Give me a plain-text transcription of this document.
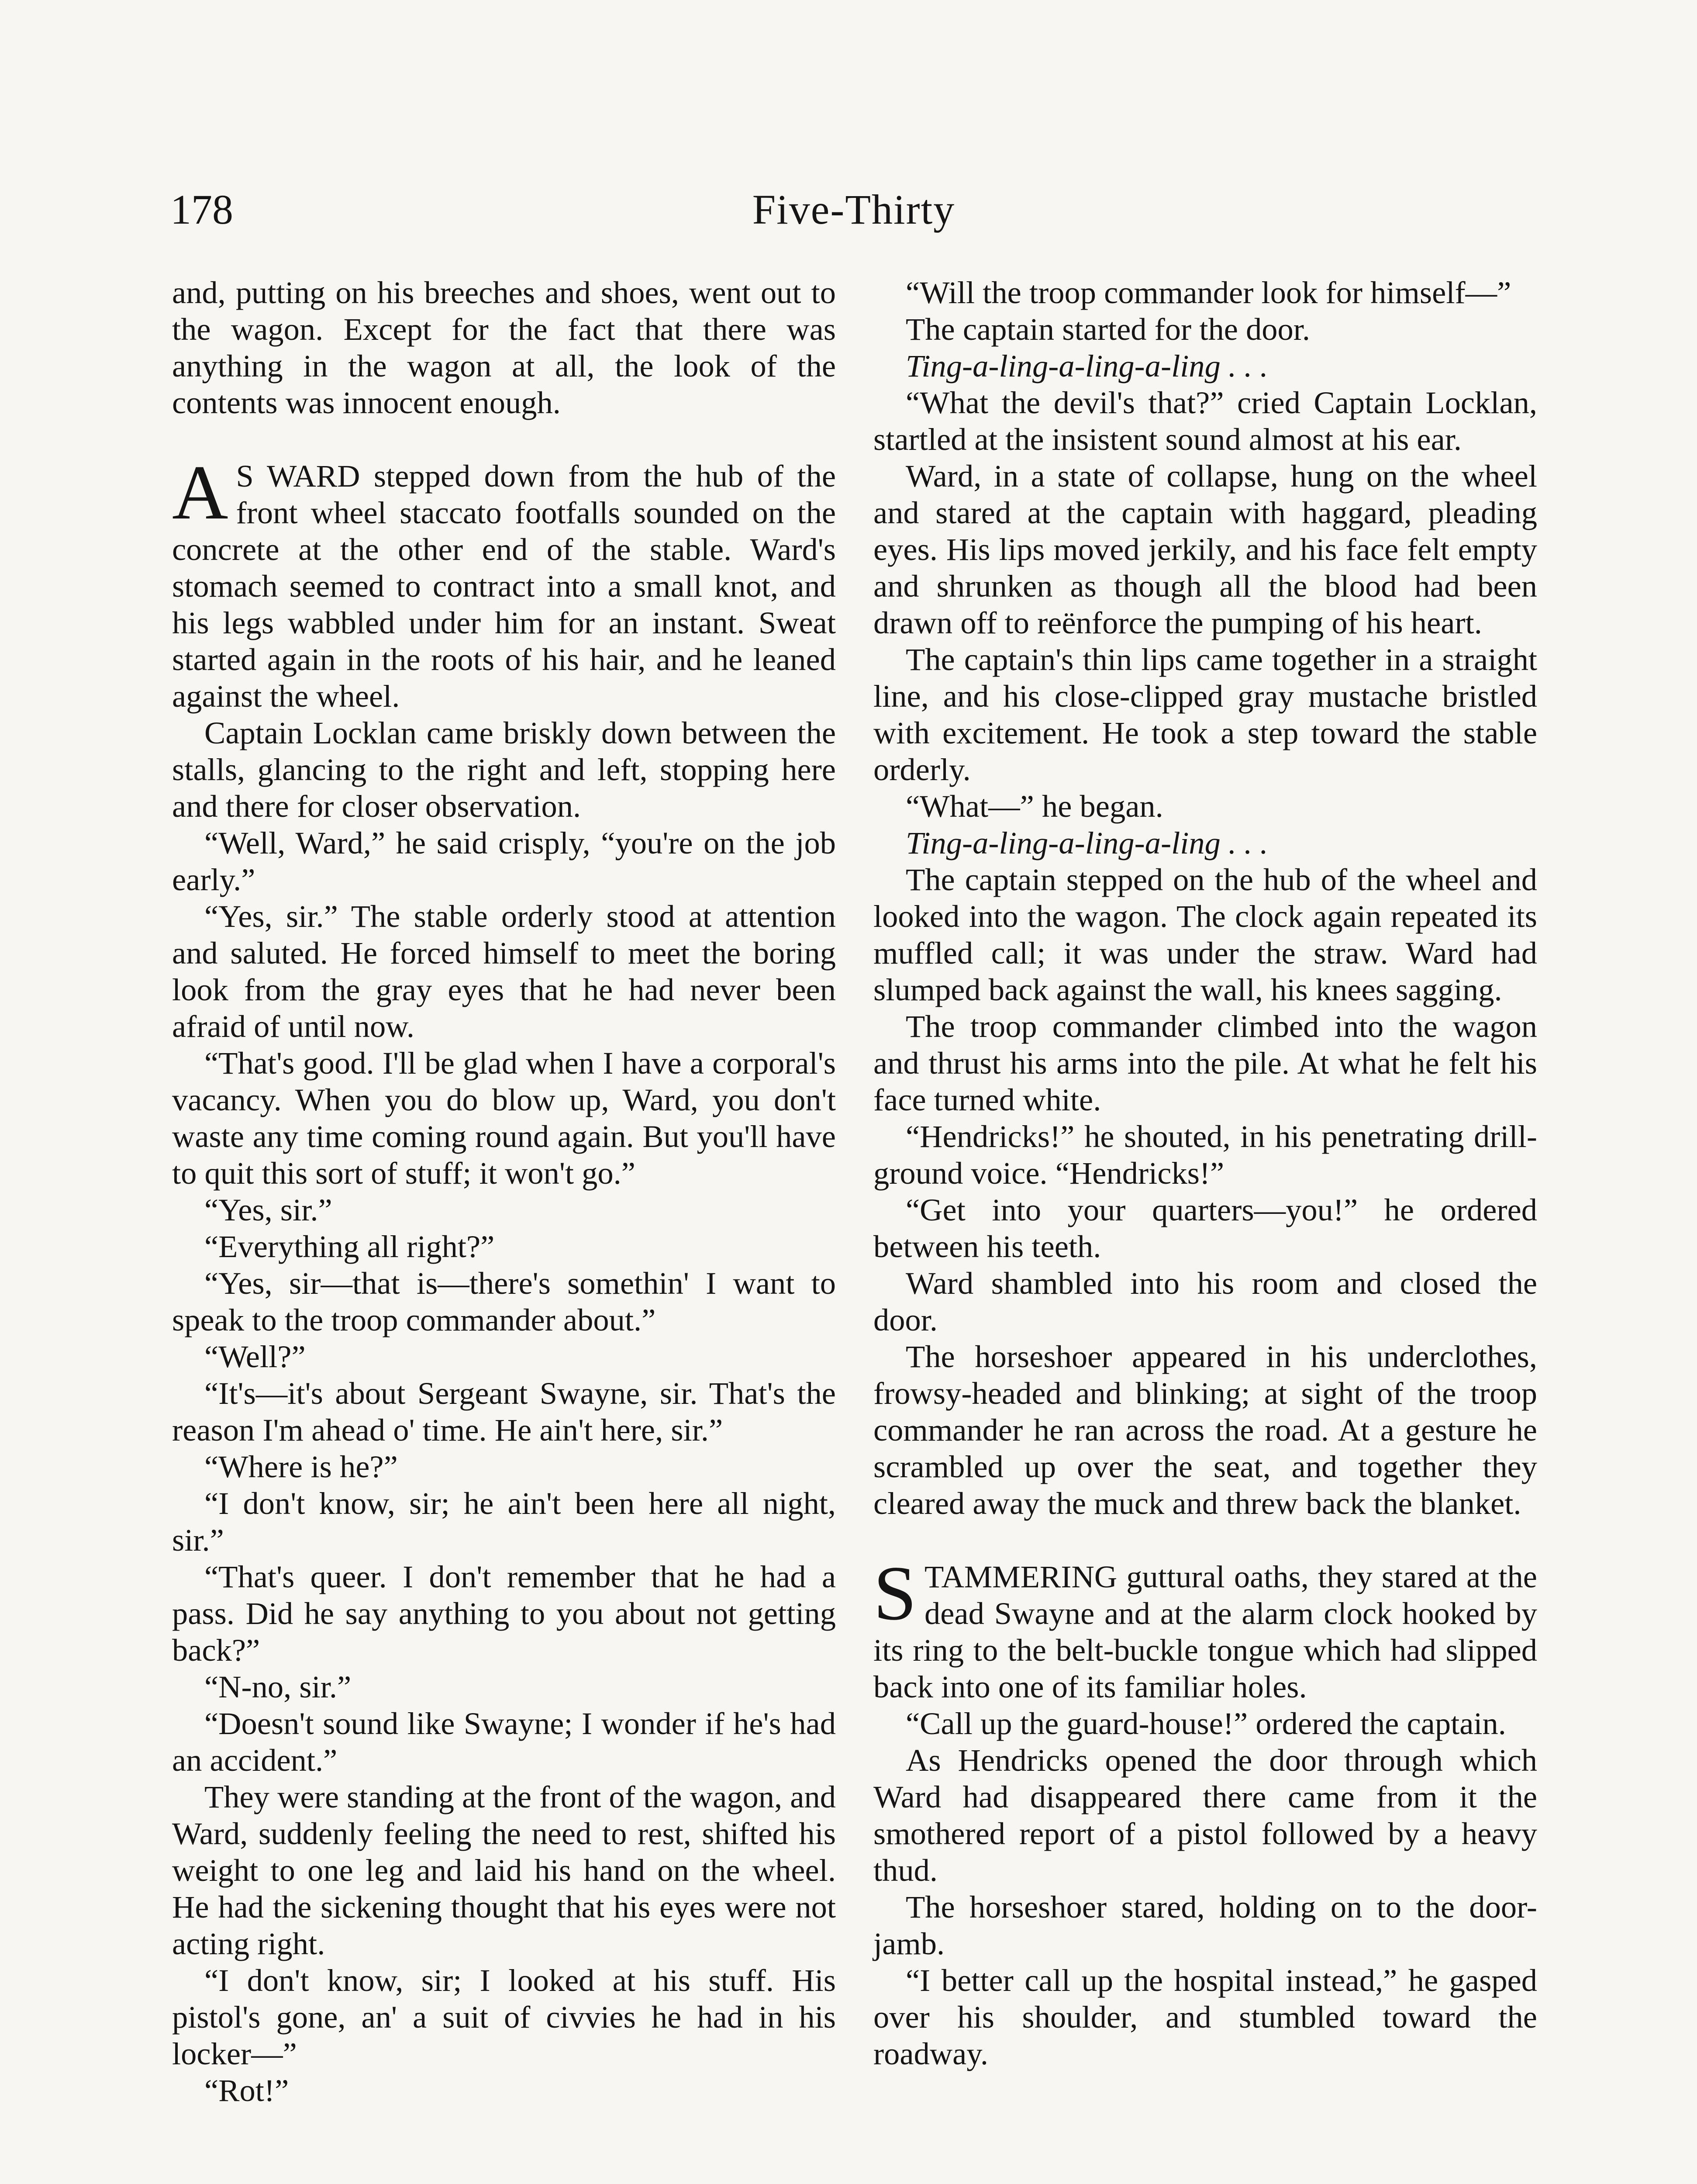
178	Five-Thirty

and, putting on his breeches and shoes, went out to the wagon. Except for the fact that there was anything in the wagon at all, the look of the contents was innocent enough.

A S WARD stepped down from the hub of the front wheel staccato footfalls sounded on the concrete at the other end of the stable. Ward's stomach seemed to contract into a small knot, and his legs wabbled under him for an instant. Sweat started again in the roots of his hair, and he leaned against the wheel.

Captain Locklan came briskly down between the stalls, glancing to the right and left, stopping here and there for closer observation.

“Well, Ward,” he said crisply, “you're on the job early.”

“Yes, sir.” The stable orderly stood at attention and saluted. He forced himself to meet the boring look from the gray eyes that he had never been afraid of until now.

“That's good. I'll be glad when I have a corporal's vacancy. When you do blow up, Ward, you don't waste any time coming round again. But you'll have to quit this sort of stuff; it won't go.”

“Yes, sir.”

“Everything all right?”

“Yes, sir—that is—there's somethin' I want to speak to the troop commander about.”

“Well?”

“It's—it's about Sergeant Swayne, sir. That's the reason I'm ahead o' time. He ain't here, sir.”

“Where is he?”

“I don't know, sir; he ain't been here all night, sir.”

“That's queer. I don't remember that he had a pass. Did he say anything to you about not getting back?”

“N-no, sir.”

“Doesn't sound like Swayne; I wonder if he's had an accident.”

They were standing at the front of the wagon, and Ward, suddenly feeling the need to rest, shifted his weight to one leg and laid his hand on the wheel. He had the sickening thought that his eyes were not acting right.

“I don't know, sir; I looked at his stuff. His pistol's gone, an' a suit of civvies he had in his locker—”

“Rot!”

“Will the troop commander look for himself—”

The captain started for the door.

Ting-a-ling-a-ling-a-ling . . .

“What the devil's that?” cried Captain Locklan, startled at the insistent sound almost at his ear.

Ward, in a state of collapse, hung on the wheel and stared at the captain with haggard, pleading eyes. His lips moved jerkily, and his face felt empty and shrunken as though all the blood had been drawn off to reënforce the pumping of his heart.

The captain's thin lips came together in a straight line, and his close-clipped gray mustache bristled with excitement. He took a step toward the stable orderly.

“What—” he began.

Ting-a-ling-a-ling-a-ling . . .

The captain stepped on the hub of the wheel and looked into the wagon. The clock again repeated its muffled call; it was under the straw. Ward had slumped back against the wall, his knees sagging.

The troop commander climbed into the wagon and thrust his arms into the pile. At what he felt his face turned white.

“Hendricks!” he shouted, in his penetrating drill-ground voice. “Hendricks!”

“Get into your quarters—you!” he ordered between his teeth.

Ward shambled into his room and closed the door.

The horseshoer appeared in his underclothes, frowsy-headed and blinking; at sight of the troop commander he ran across the road. At a gesture he scrambled up over the seat, and together they cleared away the muck and threw back the blanket.

STAMMERING guttural oaths, they stared at the dead Swayne and at the alarm clock hooked by its ring to the belt-buckle tongue which had slipped back into one of its familiar holes.

“Call up the guard-house!” ordered the captain.

As Hendricks opened the door through which Ward had disappeared there came from it the smothered report of a pistol followed by a heavy thud.

The horseshoer stared, holding on to the door-jamb.

“I better call up the hospital instead,” he gasped over his shoulder, and stumbled toward the roadway.
